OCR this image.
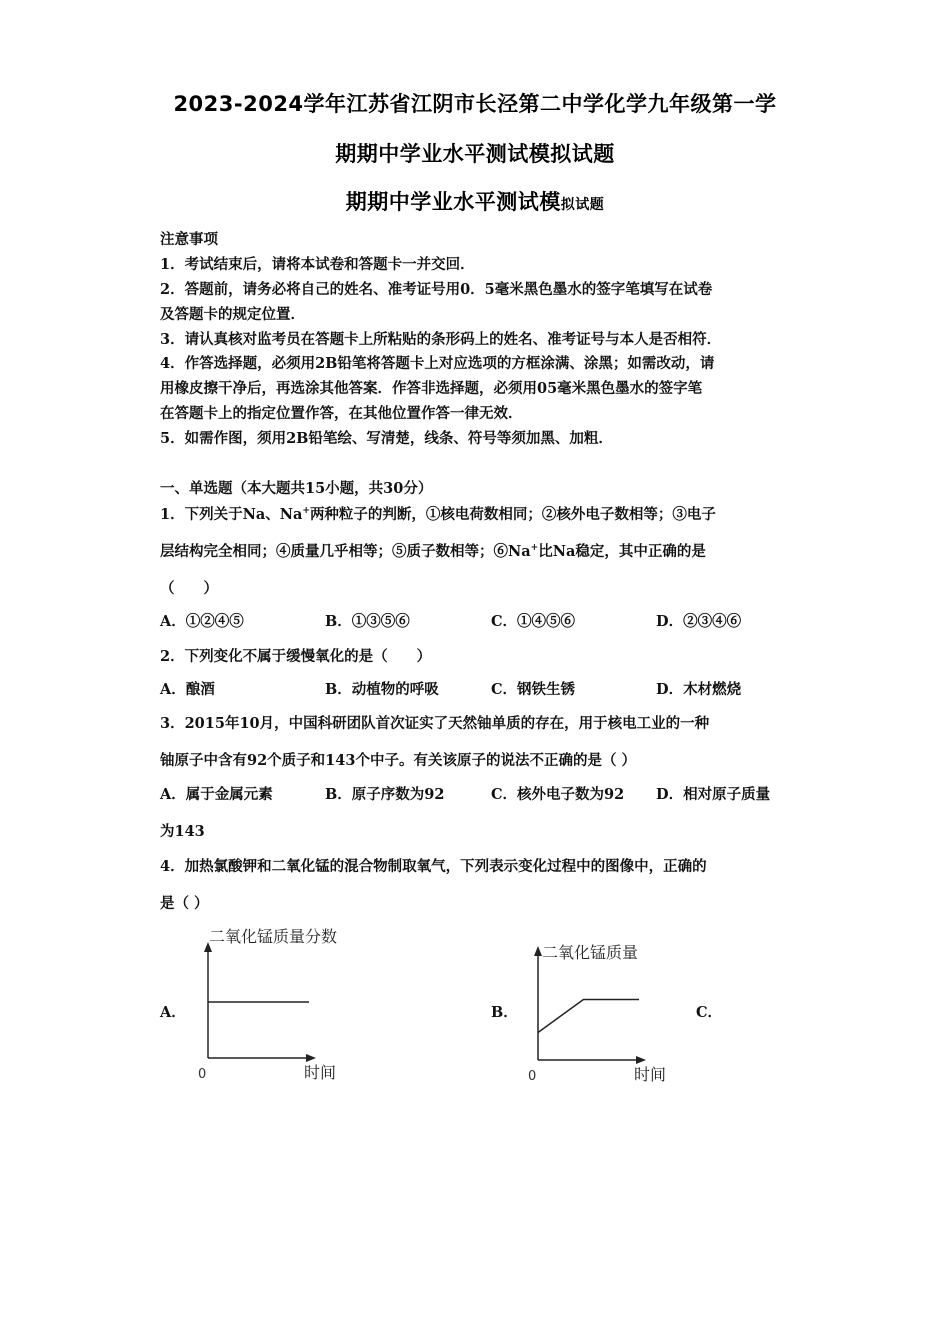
2023-2024学年江苏省江阴市长泾第二中学化学九年级第一学
期期中学业水平测试模拟试题
期期中学业水平测试模拟试题
注意事项
1．考试结束后，请将本试卷和答题卡一并交回．
2．答题前，请务必将自己的姓名、准考证号用0．5毫米黑色墨水的签字笔填写在试卷
及答题卡的规定位置．
3．请认真核对监考员在答题卡上所粘贴的条形码上的姓名、准考证号与本人是否相符．
4．作答选择题，必须用2B铅笔将答题卡上对应选项的方框涂满、涂黑；如需改动，请
用橡皮擦干净后，再选涂其他答案．作答非选择题，必须用05毫米黑色墨水的签字笔
在答题卡上的指定位置作答，在其他位置作答一律无效．
5．如需作图，须用2B铅笔绘、写清楚，线条、符号等须加黑、加粗．
一、单选题（本大题共15小题，共30分）
1．下列关于Na、Na+两种粒子的判断，①核电荷数相同；②核外电子数相等；③电子
层结构完全相同；④质量几乎相等；⑤质子数相等；⑥Na+比Na稳定，其中正确的是
（　　）
A．①②④⑤	B．①③⑤⑥	C．①④⑤⑥	D．②③④⑥
2．下列变化不属于缓慢氧化的是（　　）
A．酿酒	B．动植物的呼吸	C．钢铁生锈	D．木材燃烧
3．2015年10月，中国科研团队首次证实了天然铀单质的存在，用于核电工业的一种
铀原子中含有92个质子和143个中子。有关该原子的说法不正确的是（ ）
A．属于金属元素	B．原子序数为92	C．核外电子数为92 D．相对原子质量
为143
4．加热氯酸钾和二氧化锰的混合物制取氧气，下列表示变化过程中的图像中，正确的
是（ ）
A．	B．	C．
二氧化锰质量分数
0	时间
二氧化锰质量
0	时间
